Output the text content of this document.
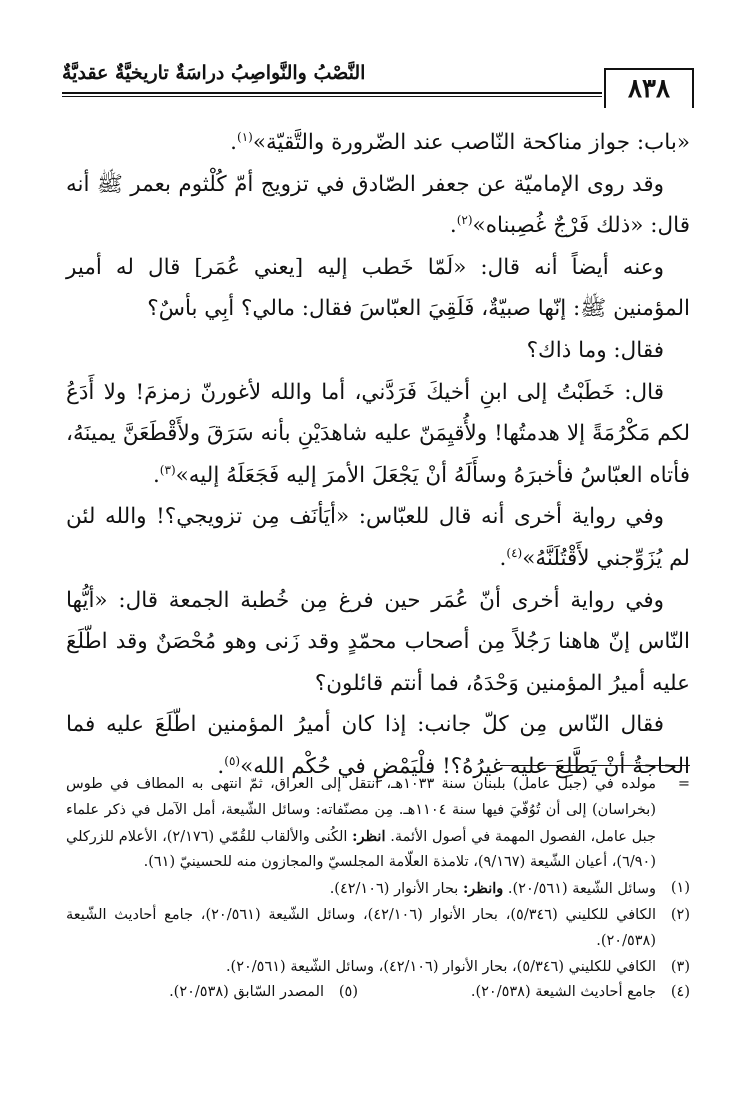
٨٣٨
النَّصْبُ والنَّواصِبُ دراسَةٌ تاريخيَّةٌ عقديَّةٌ

«باب: جواز مناكحة النّاصب عند الضّرورة والتَّقيّة»$^{(١)}$.

وقد روى الإماميّة عن جعفر الصّادق في تزويج أمّ كُلْثوم بعمر ﷺ أنه قال: «ذلك فَرْجٌ غُصِبناه»$^{(٢)}$.

وعنه أيضاً أنه قال: «لَمّا خَطب إليه [يعني عُمَر] قال له أمير المؤمنين ﷺ: إنّها صبيّةٌ، فَلَقِيَ العبّاسَ فقال: مالي؟ أبِي بأسٌ؟

فقال: وما ذاك؟

قال: خَطَبْتُ إلى ابنِ أخيكَ فَرَدَّني، أما والله لأغورنّ زمزمَ! ولا أَدَعُ لكم مَكْرُمَةً إلا هدمتُها! ولأُقيِمَنّ عليه شاهدَيْنِ بأنه سَرَقَ ولأَقْطَعَنَّ يمينَهُ، فأتاه العبّاسُ فأخبرَهُ وسأَلَهُ أنْ يَجْعَلَ الأمرَ إليه فَجَعَلَهُ إليه»$^{(٣)}$.

وفي رواية أخرى أنه قال للعبّاس: «أيَأنَف مِن تزويجي؟! والله لئن لم يُزَوِّجني لأَقْتُلَنَّهُ»$^{(٤)}$.

وفي رواية أخرى أنّ عُمَر حين فرغ مِن خُطبة الجمعة قال: «أيُّها النّاس إنّ هاهنا رَجُلاً مِن أصحاب محمّدٍ وقد زَنى وهو مُحْصَنٌ وقد اطّلَعَ عليه أميرُ المؤمنين وَحْدَهُ، فما أنتم قائلون؟

فقال النّاس مِن كلّ جانب: إذا كان أميرُ المؤمنين اطّلَعَ عليه فما الحاجةُ أنْ يَطَّلِعَ عليه غيرُهُ؟! فلْيَمْضِ في حُكْم الله»$^{(٥)}$.

=
مولده في (جبل عامل) بلبنان سنة ١٠٣٣هـ، انتقل إلى العراق، ثمّ انتهى به المطاف في طوس (بخراسان) إلى أن تُوُفّيَ فيها سنة ١١٠٤هـ. مِن مصنّفاته: وسائل الشّيعة، أمل الآمل في ذكر علماء جبل عامل، الفصول المهمة في أصول الأئمة. انظر: الكُنى والألقاب للقُمّي (٢/١٧٦)، الأعلام للزركلي (٦/٩٠)، أعيان الشّيعة (٩/١٦٧)، تلامذة العلّامة المجلسيّ والمجازون منه للحسينيّ (٦١).
(١)
وسائل الشّيعة (٢٠/٥٦١). وانظر: بحار الأنوار (٤٢/١٠٦).
(٢)
الكافي للكليني (٥/٣٤٦)، بحار الأنوار (٤٢/١٠٦)، وسائل الشّيعة (٢٠/٥٦١)، جامع أحاديث الشّيعة (٢٠/٥٣٨).
(٣)
الكافي للكليني (٥/٣٤٦)، بحار الأنوار (٤٢/١٠٦)، وسائل الشّيعة (٢٠/٥٦١).
(٤)
جامع أحاديث الشيعة (٢٠/٥٣٨).
(٥)
المصدر السّابق (٢٠/٥٣٨).
